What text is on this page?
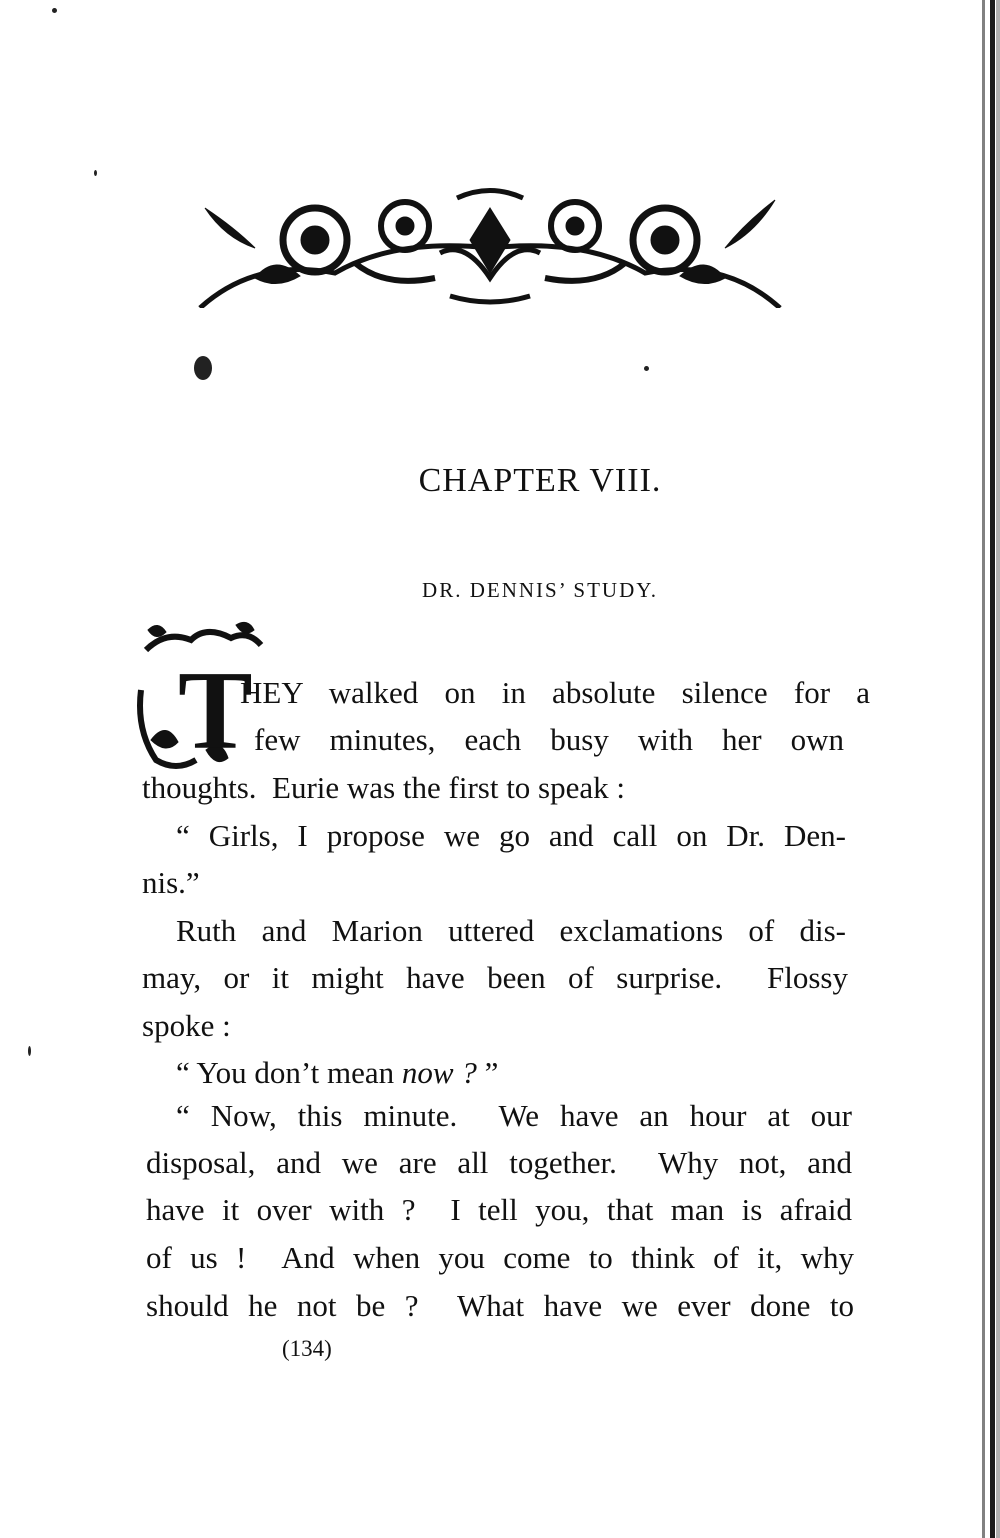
CHAPTER VIII.
DR. DENNIS’ STUDY.
T
HEY walked on in absolute silence for a
few minutes, each busy with her own
thoughts.  Eurie was the first to speak :
“ Girls, I propose we go and call on Dr. Den-
nis.”
Ruth and Marion uttered exclamations of dis-
may, or it might have been of surprise.  Flossy
spoke :
“ You don’t mean now ? ”
“ Now, this minute.  We have an hour at our
disposal, and we are all together.  Why not, and
have it over with ?  I tell you, that man is afraid
of us !  And when you come to think of it, why
should he not be ?  What have we ever done to
(134)
